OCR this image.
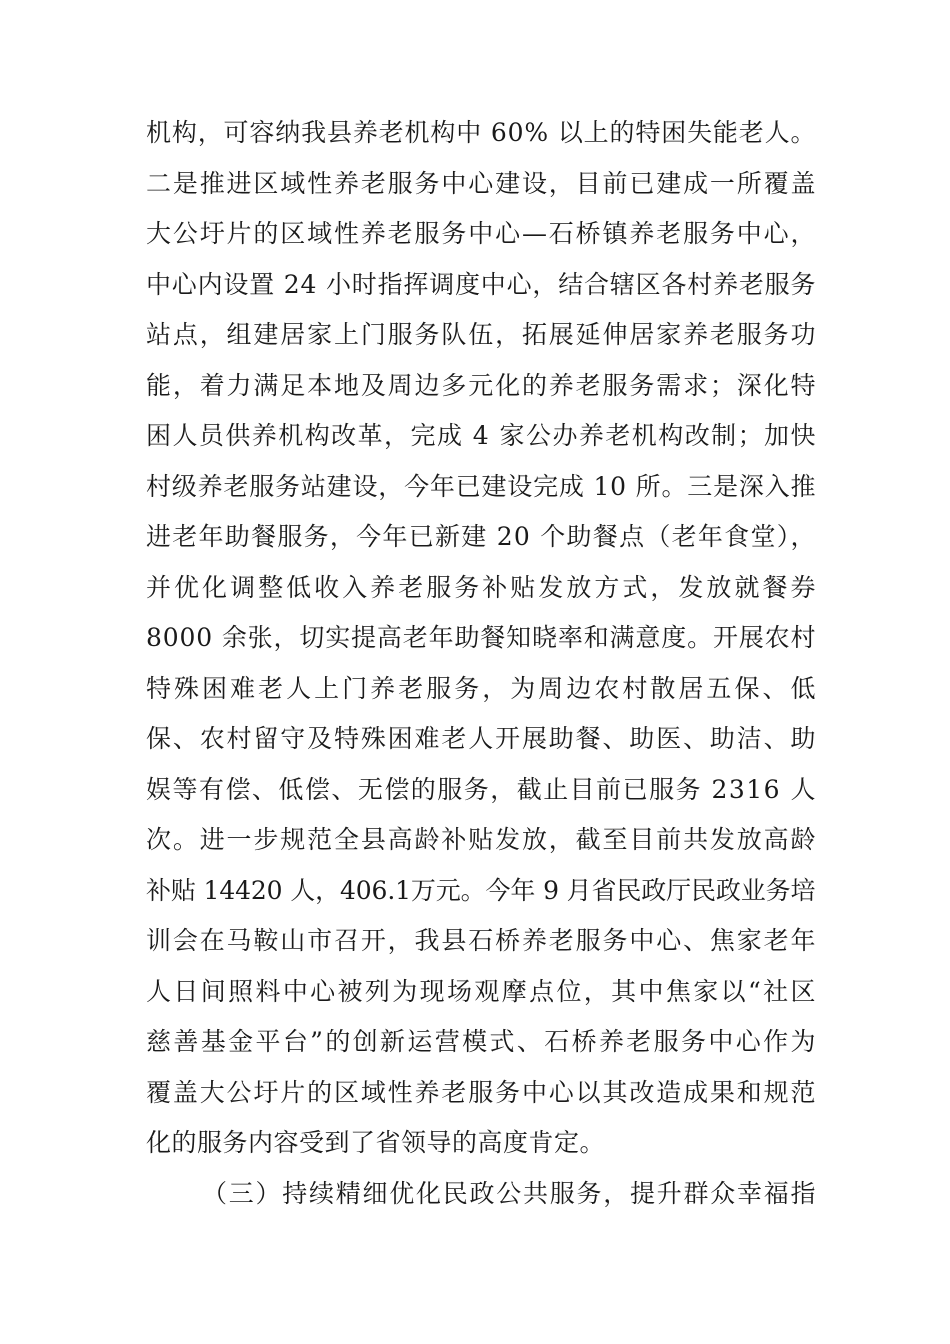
机构，可容纳我县养老机构中 60% 以上的特困失能老人。
二是推进区域性养老服务中心建设，目前已建成一所覆盖
大公圩片的区域性养老服务中心—石桥镇养老服务中心，
中心内设置 24 小时指挥调度中心，结合辖区各村养老服务
站点，组建居家上门服务队伍，拓展延伸居家养老服务功
能，着力满足本地及周边多元化的养老服务需求；深化特
困人员供养机构改革，完成 4 家公办养老机构改制；加快
村级养老服务站建设，今年已建设完成 10 所。三是深入推
进老年助餐服务，今年已新建 20 个助餐点（老年食堂），
并优化调整低收入养老服务补贴发放方式，发放就餐券
8000 余张，切实提高老年助餐知晓率和满意度。开展农村
特殊困难老人上门养老服务，为周边农村散居五保、低
保、农村留守及特殊困难老人开展助餐、助医、助洁、助
娱等有偿、低偿、无偿的服务，截止目前已服务 2316 人
次。进一步规范全县高龄补贴发放，截至目前共发放高龄
补贴 14420 人，406.1万元。今年 9 月省民政厅民政业务培
训会在马鞍山市召开，我县石桥养老服务中心、焦家老年
人日间照料中心被列为现场观摩点位，其中焦家以“社区
慈善基金平台”的创新运营模式、石桥养老服务中心作为
覆盖大公圩片的区域性养老服务中心以其改造成果和规范
化的服务内容受到了省领导的高度肯定。
（三）持续精细优化民政公共服务，提升群众幸福指
